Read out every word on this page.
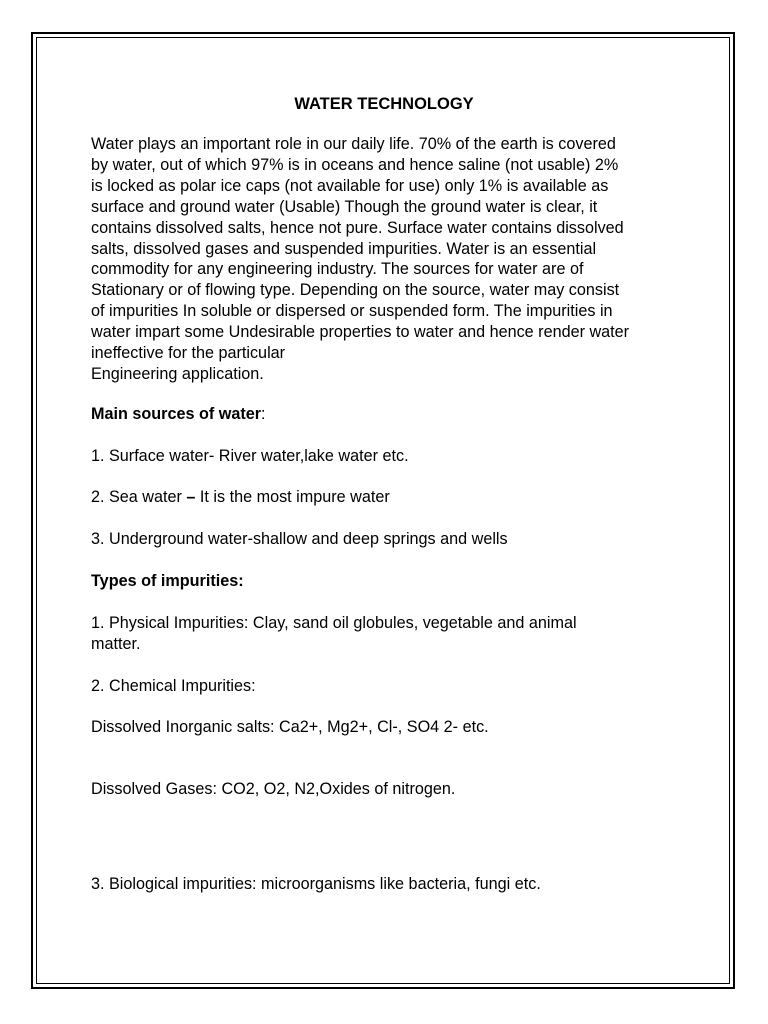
WATER TECHNOLOGY

Water plays an important role in our daily life. 70% of the earth is covered
by water, out of which 97% is in oceans and hence saline (not usable) 2%
is locked as polar ice caps (not available for use) only 1% is available as
surface and ground water (Usable) Though the ground water is clear, it
contains dissolved salts, hence not pure. Surface water contains dissolved
salts, dissolved gases and suspended impurities. Water is an essential
commodity for any engineering industry. The sources for water are of
Stationary or of flowing type. Depending on the source, water may consist
of impurities In soluble or dispersed or suspended form. The impurities in
water impart some Undesirable properties to water and hence render water
ineffective for the particular
Engineering application.

Main sources of water:

1. Surface water- River water,lake water etc.

2. Sea water – It is the most impure water

3. Underground water-shallow and deep springs and wells

Types of impurities:

1. Physical Impurities: Clay, sand oil globules, vegetable and animal

matter.

2. Chemical Impurities:

Dissolved Inorganic salts: Ca2+, Mg2+, Cl-, SO4 2- etc.

Dissolved Gases: CO2, O2, N2,Oxides of nitrogen.

3. Biological impurities: microorganisms like bacteria, fungi etc.
